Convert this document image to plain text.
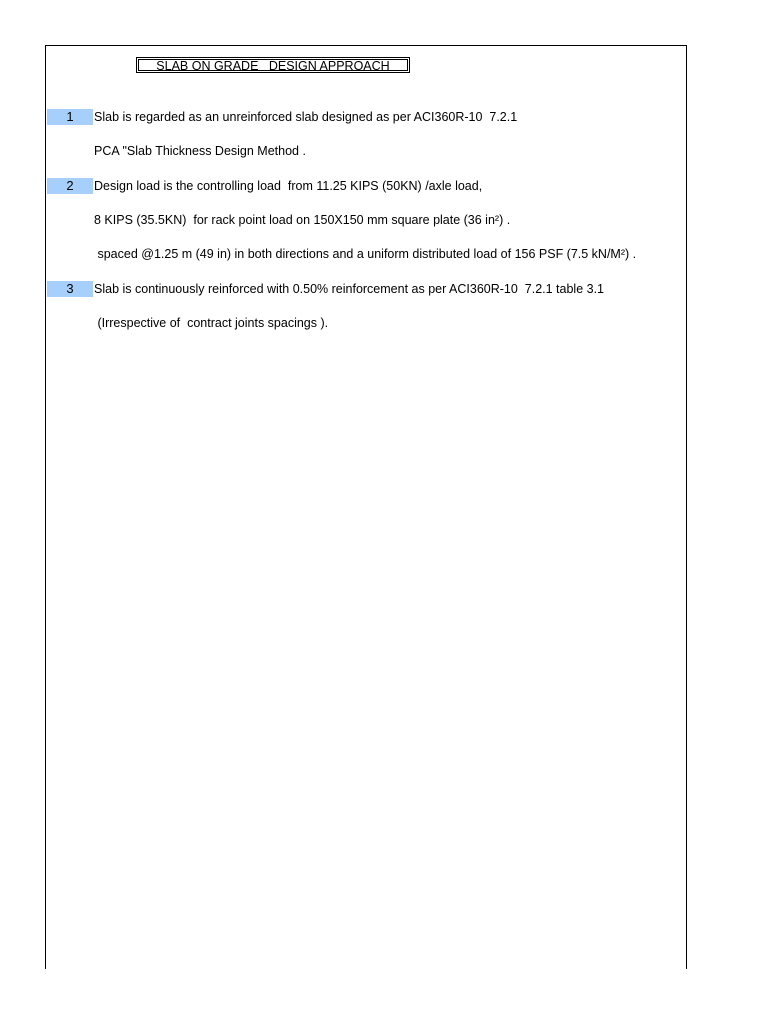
SLAB ON GRADE   DESIGN APPROACH
1	Slab is regarded as an unreinforced slab designed as per ACI360R-10  7.2.1
PCA "Slab Thickness Design Method .
2	Design load is the controlling load  from 11.25 KIPS (50KN) /axle load,
8 KIPS (35.5KN)  for rack point load on 150X150 mm square plate (36 in²) .
spaced @1.25 m (49 in) in both directions and a uniform distributed load of 156 PSF (7.5 kN/M²) .
3	Slab is continuously reinforced with 0.50% reinforcement as per ACI360R-10  7.2.1 table 3.1
(Irrespective of  contract joints spacings ).
